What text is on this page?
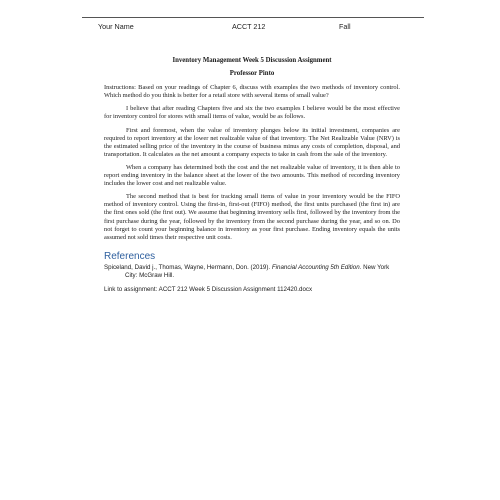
Your Name	ACCT 212	Fall
Inventory Management Week 5 Discussion Assignment
Professor Pinto

Instructions: Based on your readings of Chapter 6, discuss with examples the two methods of inventory control. Which method do you think is better for a retail store with several items of small value?

I believe that after reading Chapters five and six the two examples I believe would be the most effective for inventory control for stores with small items of value, would be as follows.

First and foremost, when the value of inventory plunges below its initial investment, companies are required to report inventory at the lower net realizable value of that inventory. The Net Realizable Value (NRV) is the estimated selling price of the inventory in the course of business minus any costs of completion, disposal, and transportation. It calculates as the net amount a company expects to take in cash from the sale of the inventory.

When a company has determined both the cost and the net realizable value of inventory, it is then able to report ending inventory in the balance sheet at the lower of the two amounts. This method of recording inventory includes the lower cost and net realizable value.

The second method that is best for tracking small items of value in your inventory would be the FIFO method of inventory control. Using the first-in, first-out (FIFO) method, the first units purchased (the first in) are the first ones sold (the first out). We assume that beginning inventory sells first, followed by the inventory from the first purchase during the year, followed by the inventory from the second purchase during the year, and so on. Do not forget to count your beginning balance in inventory as your first purchase. Ending inventory equals the units assumed not sold times their respective unit costs.

References
Spiceland, David j., Thomas, Wayne, Hermann, Don. (2019). Financial Accounting 5th Edition. New York City: McGraw Hill.
Link to assignment: ACCT 212 Week 5 Discussion Assignment 112420.docx
